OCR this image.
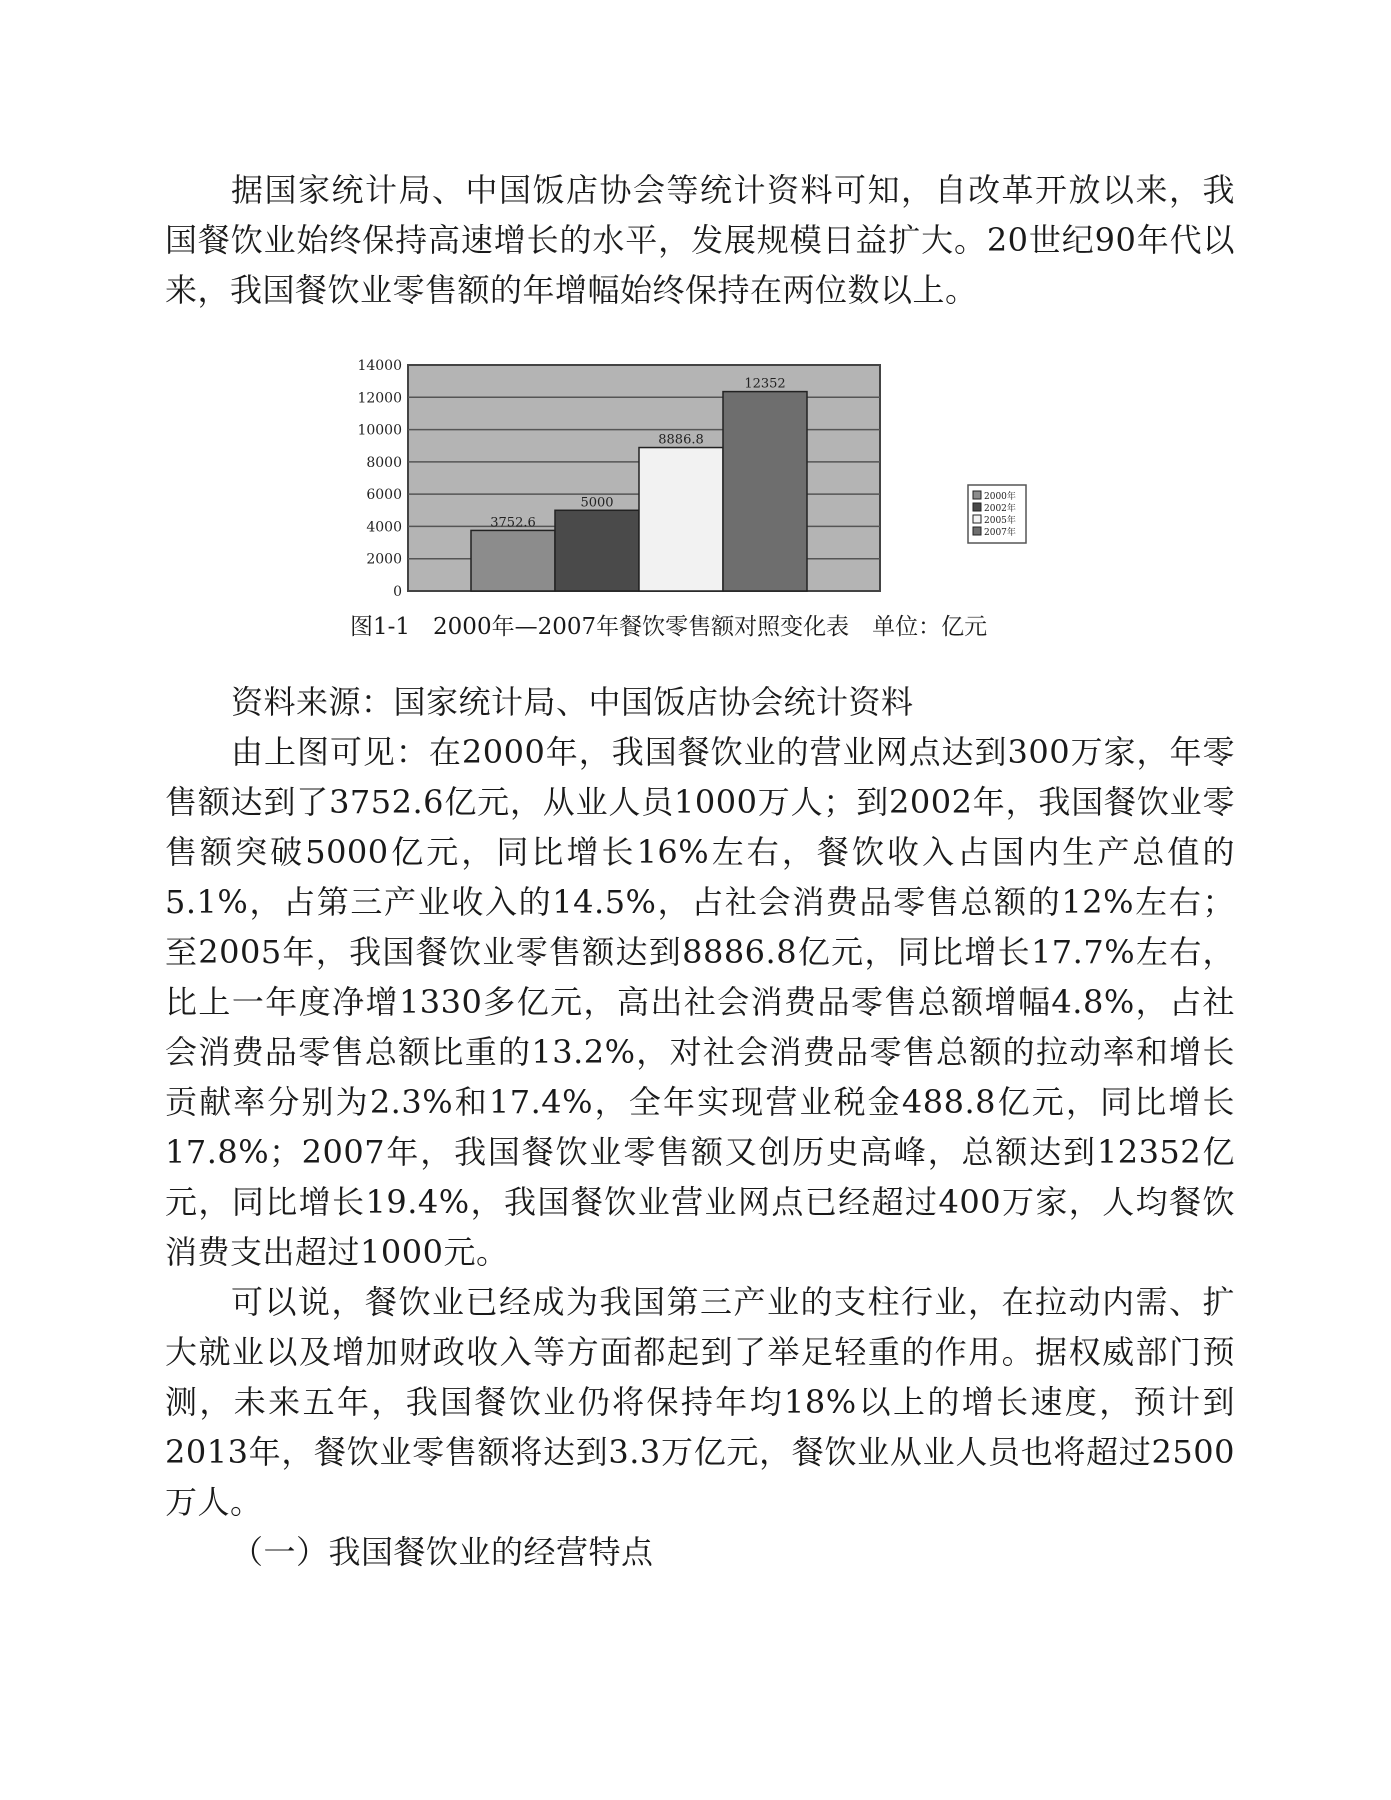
据国家统计局、中国饭店协会等统计资料可知，自改革开放以来，我国餐饮业始终保持高速增长的水平，发展规模日益扩大。20世纪90年代以来，我国餐饮业零售额的年增幅始终保持在两位数以上。

0
2000
4000
6000
8000
10000
12000
14000
3752.6
5000
8886.8
12352
2000年
2002年
2005年
2007年
图1-1　2000年—2007年餐饮零售额对照变化表　单位：亿元

资料来源：国家统计局、中国饭店协会统计资料

由上图可见：在2000年，我国餐饮业的营业网点达到300万家，年零售额达到了3752.6亿元，从业人员1000万人；到2002年，我国餐饮业零售额突破5000亿元，同比增长16%左右，餐饮收入占国内生产总值的5.1%，占第三产业收入的14.5%，占社会消费品零售总额的12%左右；至2005年，我国餐饮业零售额达到8886.8亿元，同比增长17.7%左右，比上一年度净增1330多亿元，高出社会消费品零售总额增幅4.8%，占社会消费品零售总额比重的13.2%，对社会消费品零售总额的拉动率和增长贡献率分别为2.3%和17.4%，全年实现营业税金488.8亿元，同比增长17.8%；2007年，我国餐饮业零售额又创历史高峰，总额达到12352亿元，同比增长19.4%，我国餐饮业营业网点已经超过400万家，人均餐饮消费支出超过1000元。

可以说，餐饮业已经成为我国第三产业的支柱行业，在拉动内需、扩大就业以及增加财政收入等方面都起到了举足轻重的作用。据权威部门预测，未来五年，我国餐饮业仍将保持年均18%以上的增长速度，预计到2013年，餐饮业零售额将达到3.3万亿元，餐饮业从业人员也将超过2500万人。

（一）我国餐饮业的经营特点
